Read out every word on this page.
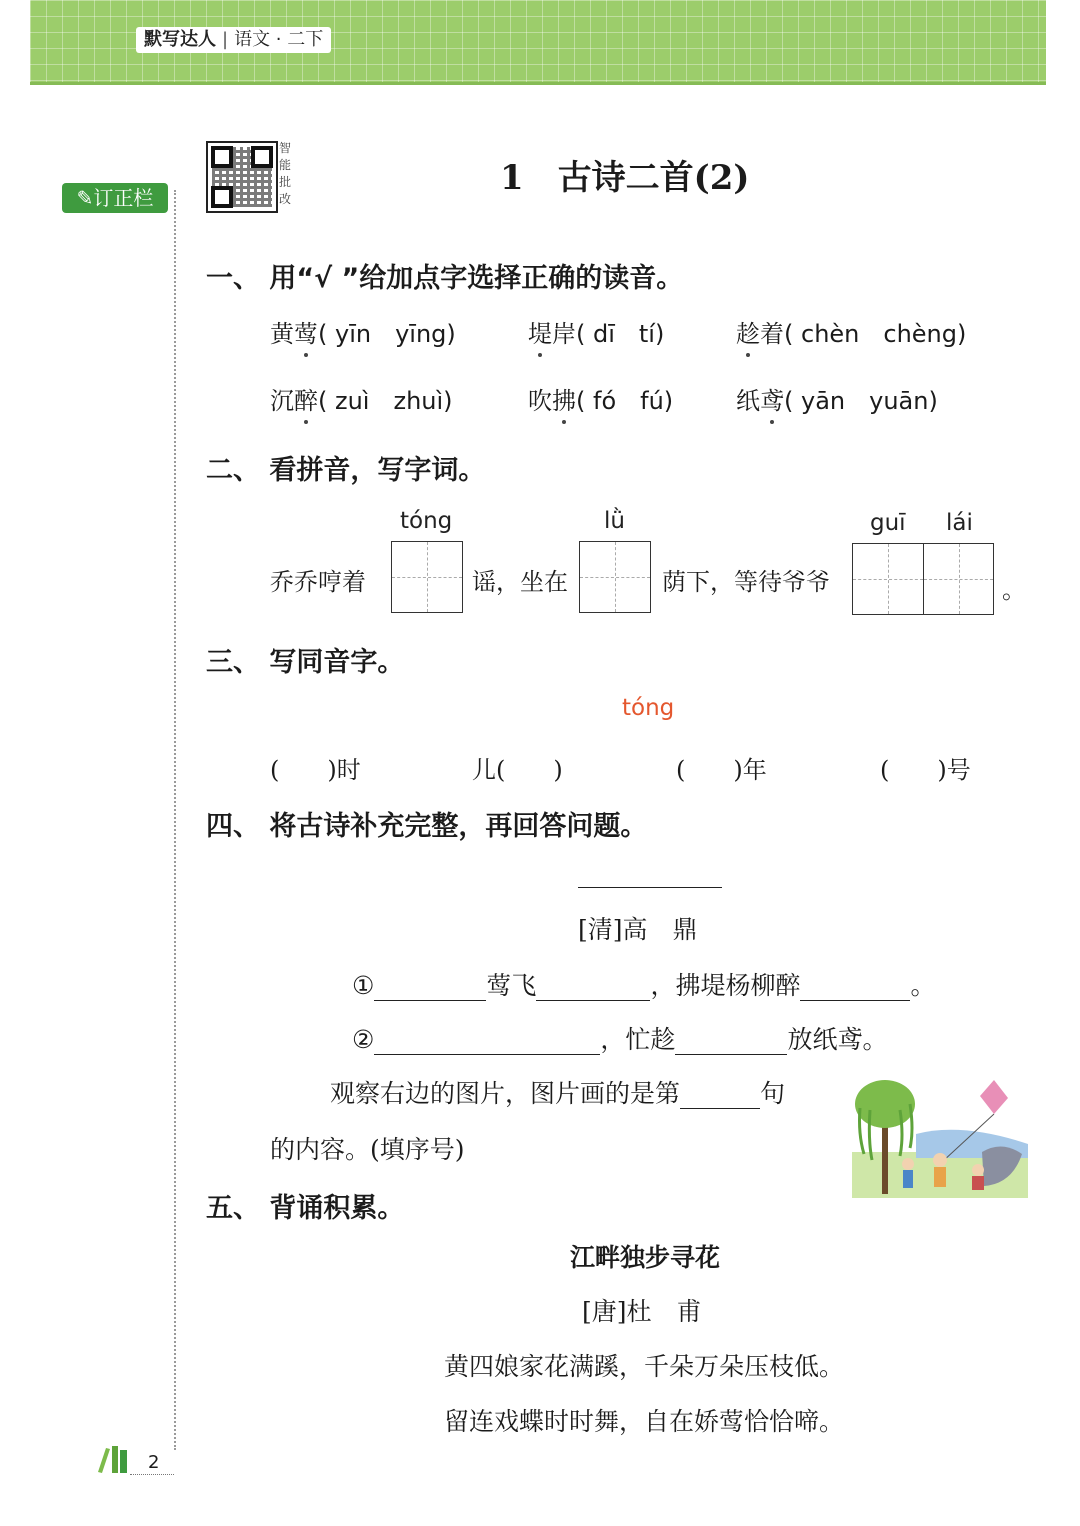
默写达人 | 语文 · 二下
✎订正栏
智
能
批
改
1　古诗二首(2)
一、 用“√ ”给加点字选择正确的读音。
黄莺( yīn　yīng)	堤岸( dī　tí)	趁着( chèn　chèng)
沉醉( zuì　zhuì)	吹拂( fó　fú)	纸鸢( yān　yuān)
二、 看拼音，写字词。
tóng	lǜ	guī lái
乔乔哼着	谣，坐在	荫下，等待爷爷	。
三、 写同音字。
tóng
(　　)时	儿(　　)	(　　)年	(　　)号
四、 将古诗补充完整，再回答问题。
[清]高　鼎
①	莺飞	，拂堤杨柳醉	。
②	，忙趁	放纸鸢。
观察右边的图片，图片画的是第	句
的内容。(填序号)
五、 背诵积累。
江畔独步寻花
[唐]杜　甫
黄四娘家花满蹊，千朵万朵压枝低。
留连戏蝶时时舞，自在娇莺恰恰啼。
2
